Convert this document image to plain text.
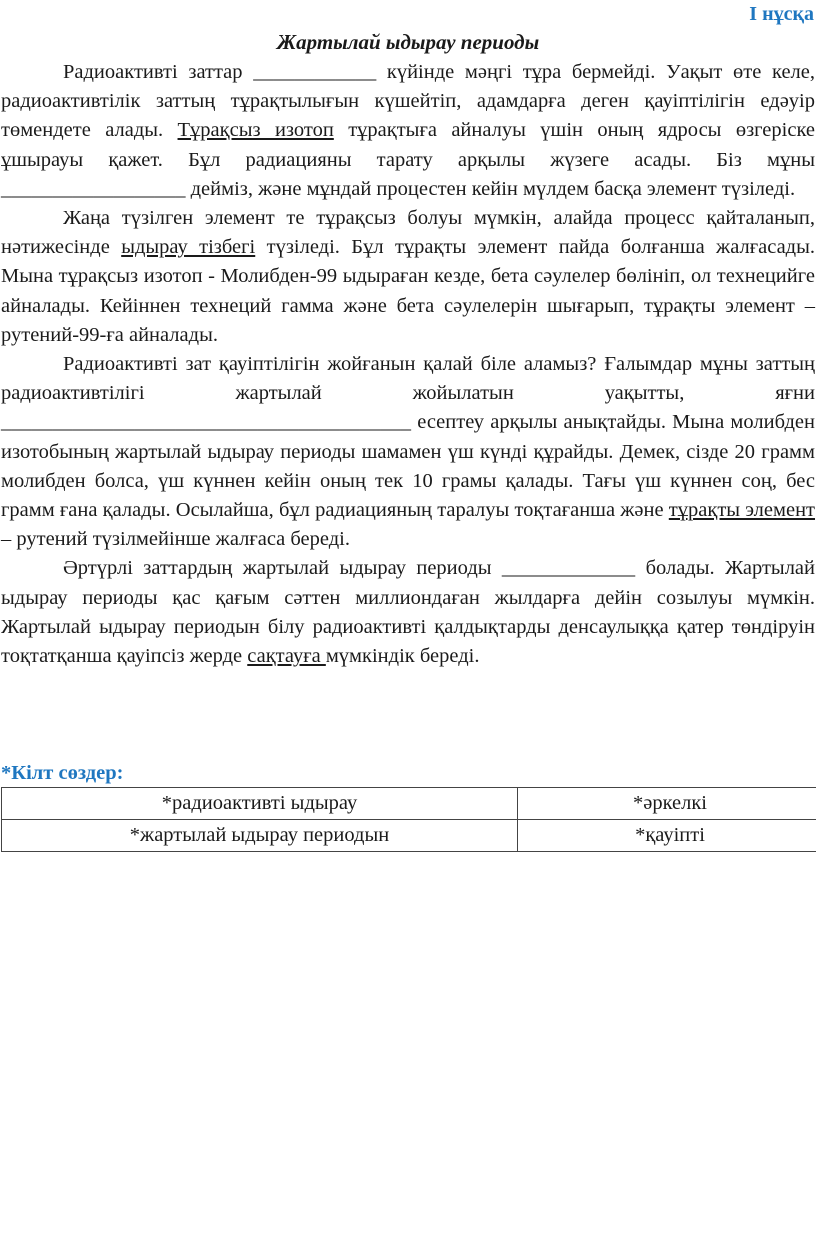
I нұсқа
Жартылай ыдырау периоды

Радиоактивті заттар ____________ күйінде мәңгі тұра бермейді. Уақыт өте келе, радиоактивтілік заттың тұрақтылығын күшейтіп, адамдарға деген қауіптілігін едәуір төмендете алады. Тұрақсыз изотоп тұрақтыға айналуы үшін оның ядросы өзгеріске ұшырауы қажет. Бұл радиацияны тарату арқылы жүзеге асады. Біз мұны __________________ дейміз, және мұндай процестен кейін мүлдем басқа элемент түзіледі.

Жаңа түзілген элемент те тұрақсыз болуы мүмкін, алайда процесс қайталанып, нәтижесінде ыдырау тізбегі түзіледі. Бұл тұрақты элемент пайда болғанша жалғасады. Мына тұрақсыз изотоп - Молибден-99 ыдыраған кезде, бета сәулелер бөлініп, ол технецийге айналады. Кейіннен технеций гамма және бета сәулелерін шығарып, тұрақты элемент – рутений-99-ға айналады.

Радиоактивті зат қауіптілігін жойғанын қалай біле аламыз? Ғалымдар мұны заттың радиоактивтілігі жартылай жойылатын уақытты, яғни ________________________________________ есептеу арқылы анықтайды. Мына молибден изотобының жартылай ыдырау периоды шамамен үш күнді құрайды. Демек, сізде 20 грамм молибден болса, үш күннен кейін оның тек 10 грамы қалады. Тағы үш күннен соң, бес грамм ғана қалады. Осылайша, бұл радиацияның таралуы тоқтағанша және тұрақты элемент – рутений түзілмейінше жалғаса береді.

Әртүрлі заттардың жартылай ыдырау периоды _____________ болады. Жартылай ыдырау периоды қас қағым сәттен миллиондаған жылдарға дейін созылуы мүмкін. Жартылай ыдырау периодын білу радиоактивті қалдықтарды денсаулыққа қатер төндіруін тоқтатқанша қауіпсіз жерде сақтауға мүмкіндік береді.

*Кілт сөздер:
*радиоактивті ыдырау	*әркелкі
*жартылай ыдырау периодын	*қауіпті
